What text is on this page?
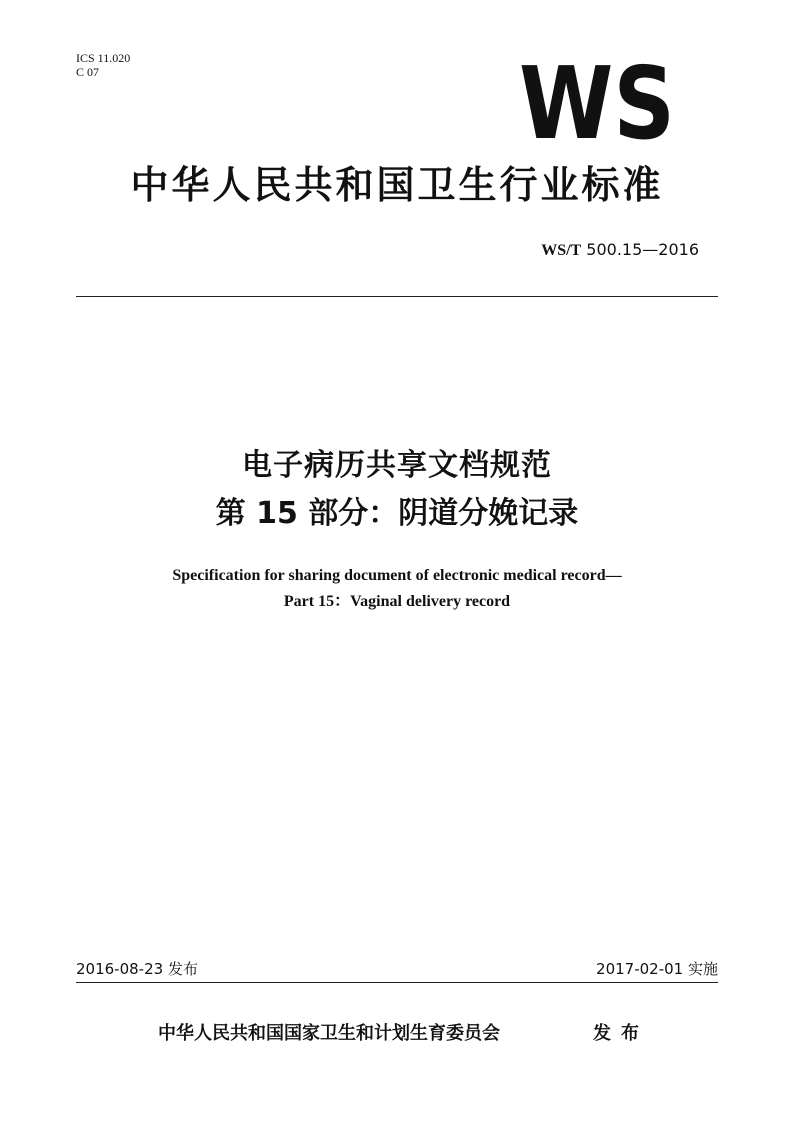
ICS 11.020
C 07	WS
中华人民共和国卫生行业标准
WS/T 500.15—2016
电子病历共享文档规范
第 15 部分：阴道分娩记录
Specification for sharing document of electronic medical record—
Part 15：Vaginal delivery record
2016-08-23 发布	2017-02-01 实施
中华人民共和国国家卫生和计划生育委员会	发布
